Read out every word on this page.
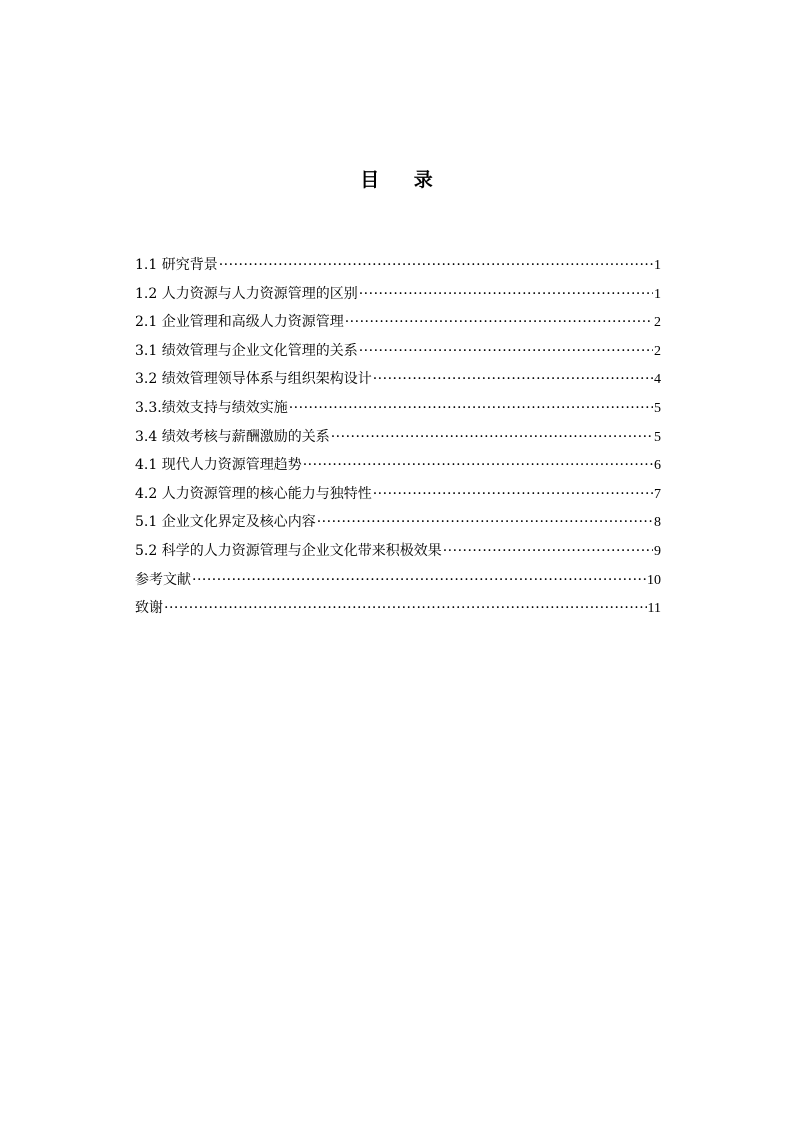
目 录
1.1 研究背景 ·····	1
1.2 人力资源与人力资源管理的区别 ·····	1
2.1 企业管理和高级人力资源管理 ·····	2
3.1 绩效管理与企业文化管理的关系 ·····	2
3.2 绩效管理领导体系与组织架构设计 ·····	4
3.3.绩效支持与绩效实施 ·····	5
3.4 绩效考核与薪酬激励的关系 ·····	5
4.1 现代人力资源管理趋势 ·····	6
4.2 人力资源管理的核心能力与独特性 ·····	7
5.1 企业文化界定及核心内容 ·····	8
5.2 科学的人力资源管理与企业文化带来积极效果 ·····	9
参考文献 ·····	10
致谢 ·····	11
